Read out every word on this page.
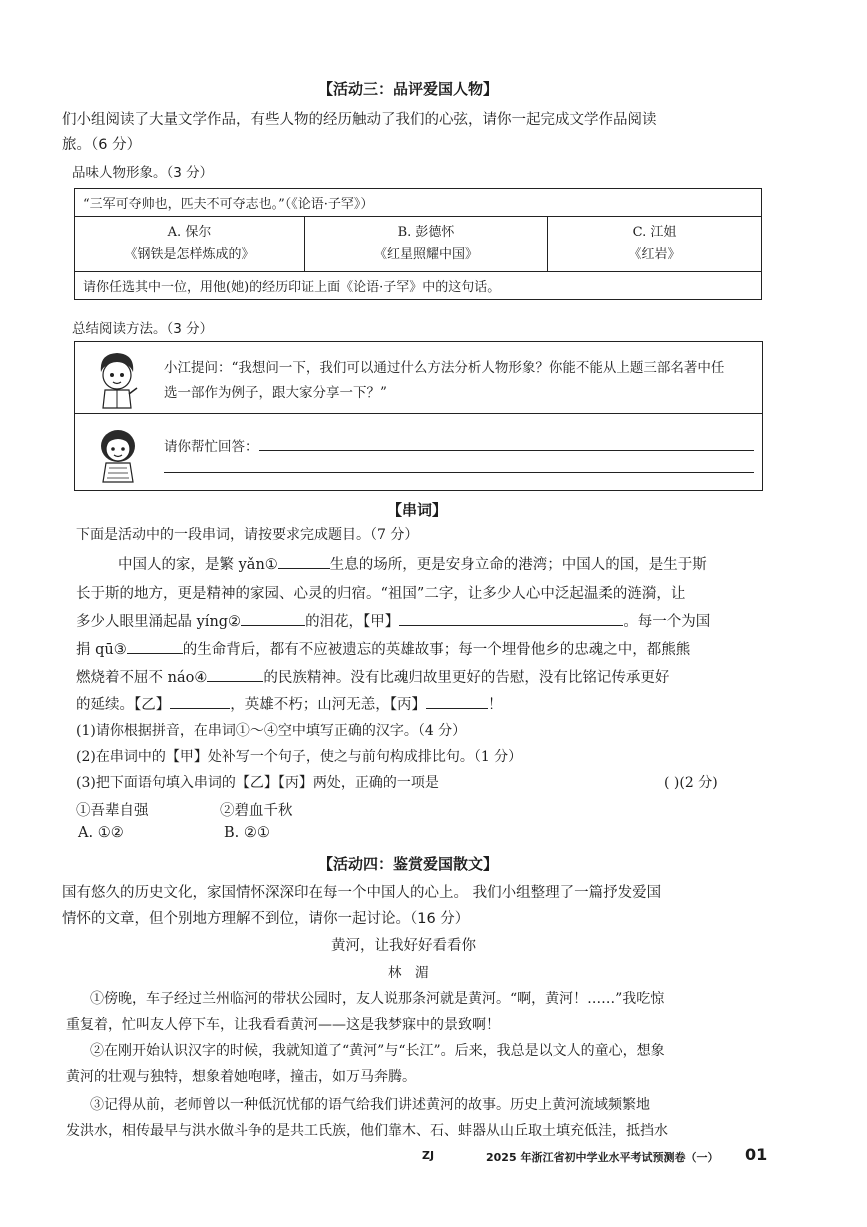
【活动三：品评爱国人物】
们小组阅读了大量文学作品，有些人物的经历触动了我们的心弦，请你一起完成文学作品阅读
旅。（6 分）
品味人物形象。（3 分）
“三军可夺帅也，匹夫不可夺志也。”（《论语·子罕》）

A. 保尔
《钢铁是怎样炼成的》

B. 彭德怀
《红星照耀中国》

C. 江姐
《红岩》

请你任选其中一位，用他(她)的经历印证上面《论语·子罕》中的这句话。
总结阅读方法。（3 分）
小江提问：“我想问一下，我们可以通过什么方法分析人物形象？你能不能从上题三部名著中任
选一部作为例子，跟大家分享一下？”
请你帮忙回答：
【串词】
下面是活动中的一段串词，请按要求完成题目。（7 分）
中国人的家，是繁 yǎn①	生息的场所，更是安身立命的港湾；中国人的国，是生于斯
长于斯的地方，更是精神的家园、心灵的归宿。“祖国”二字，让多少人心中泛起温柔的涟漪，让
多少人眼里涌起晶 yíng②	的泪花，【甲】	。每一个为国
捐 qū③	的生命背后，都有不应被遗忘的英雄故事；每一个埋骨他乡的忠魂之中，都熊熊
燃烧着不屈不 náo④	的民族精神。没有比魂归故里更好的告慰，没有比铭记传承更好
的延续。【乙】	，英雄不朽；山河无恙，【丙】	！
(1)请你根据拼音，在串词①～④空中填写正确的汉字。（4 分）
(2)在串词中的【甲】处补写一个句子，使之与前句构成排比句。（1 分）
(3)把下面语句填入串词的【乙】【丙】两处，正确的一项是	( )(2 分)
①吾辈自强	②碧血千秋
A. ①②	B. ②①
【活动四：鉴赏爱国散文】
国有悠久的历史文化，家国情怀深深印在每一个中国人的心上。 我们小组整理了一篇抒发爱国
情怀的文章，但个别地方理解不到位，请你一起讨论。（16 分）
黄河，让我好好看看你
林　湄
①傍晚，车子经过兰州临河的带状公园时，友人说那条河就是黄河。“啊，黄河！……”我吃惊
重复着，忙叫友人停下车，让我看看黄河——这是我梦寐中的景致啊！
②在刚开始认识汉字的时候，我就知道了“黄河”与“长江”。后来，我总是以文人的童心，想象
黄河的壮观与独特，想象着她咆哮，撞击，如万马奔腾。
③记得从前，老师曾以一种低沉忧郁的语气给我们讲述黄河的故事。历史上黄河流域频繁地
发洪水，相传最早与洪水做斗争的是共工氏族，他们靠木、石、蚌器从山丘取土填充低洼，抵挡水
ZJ	2025 年浙江省初中学业水平考试预测卷（一） 01
